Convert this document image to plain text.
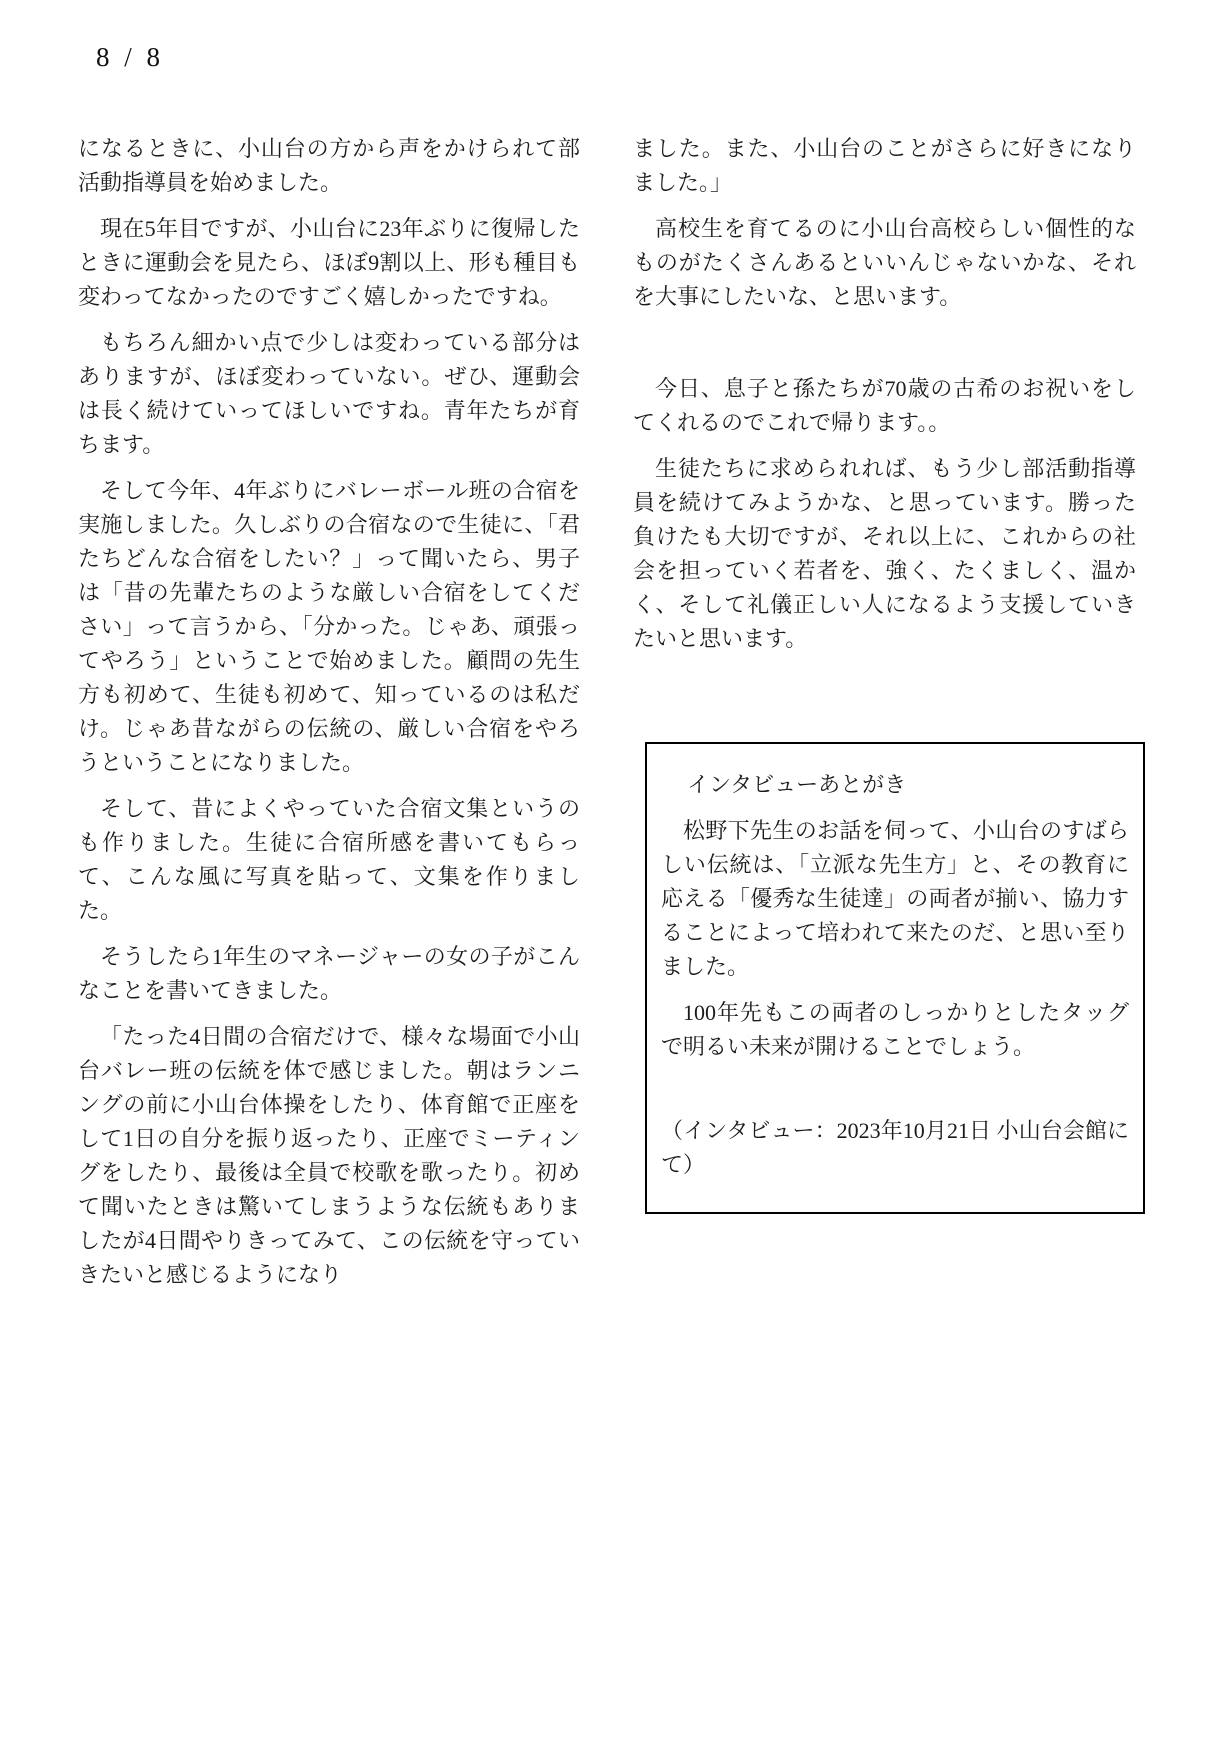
8 / 8

になるときに、小山台の方から声をかけられて部活動指導員を始めました。

現在5年目ですが、小山台に23年ぶりに復帰したときに運動会を見たら、ほぼ9割以上、形も種目も変わってなかったのですごく嬉しかったですね。

もちろん細かい点で少しは変わっている部分はありますが、ほぼ変わっていない。ぜひ、運動会は長く続けていってほしいですね。青年たちが育ちます。

そして今年、4年ぶりにバレーボール班の合宿を実施しました。久しぶりの合宿なので生徒に、「君たちどんな合宿をしたい？」って聞いたら、男子は「昔の先輩たちのような厳しい合宿をしてください」って言うから、「分かった。じゃあ、頑張ってやろう」ということで始めました。顧問の先生方も初めて、生徒も初めて、知っているのは私だけ。じゃあ昔ながらの伝統の、厳しい合宿をやろうということになりました。

そして、昔によくやっていた合宿文集というのも作りました。生徒に合宿所感を書いてもらって、こんな風に写真を貼って、文集を作りました。

そうしたら1年生のマネージャーの女の子がこんなことを書いてきました。

「たった4日間の合宿だけで、様々な場面で小山台バレー班の伝統を体で感じました。朝はランニングの前に小山台体操をしたり、体育館で正座をして1日の自分を振り返ったり、正座でミーティングをしたり、最後は全員で校歌を歌ったり。初めて聞いたときは驚いてしまうような伝統もありましたが4日間やりきってみて、この伝統を守っていきたいと感じるようになり

ました。また、小山台のことがさらに好きになりました。」

高校生を育てるのに小山台高校らしい個性的なものがたくさんあるといいんじゃないかな、それを大事にしたいな、と思います。

今日、息子と孫たちが70歳の古希のお祝いをしてくれるのでこれで帰ります。。

生徒たちに求められれば、もう少し部活動指導員を続けてみようかな、と思っています。勝った負けたも大切ですが、それ以上に、これからの社会を担っていく若者を、強く、たくましく、温かく、そして礼儀正しい人になるよう支援していきたいと思います。

インタビューあとがき

松野下先生のお話を伺って、小山台のすばらしい伝統は、「立派な先生方」と、その教育に応える「優秀な生徒達」の両者が揃い、協力することによって培われて来たのだ、と思い至りました。

100年先もこの両者のしっかりとしたタッグで明るい未来が開けることでしょう。

（インタビュー：2023年10月21日 小山台会館にて）
